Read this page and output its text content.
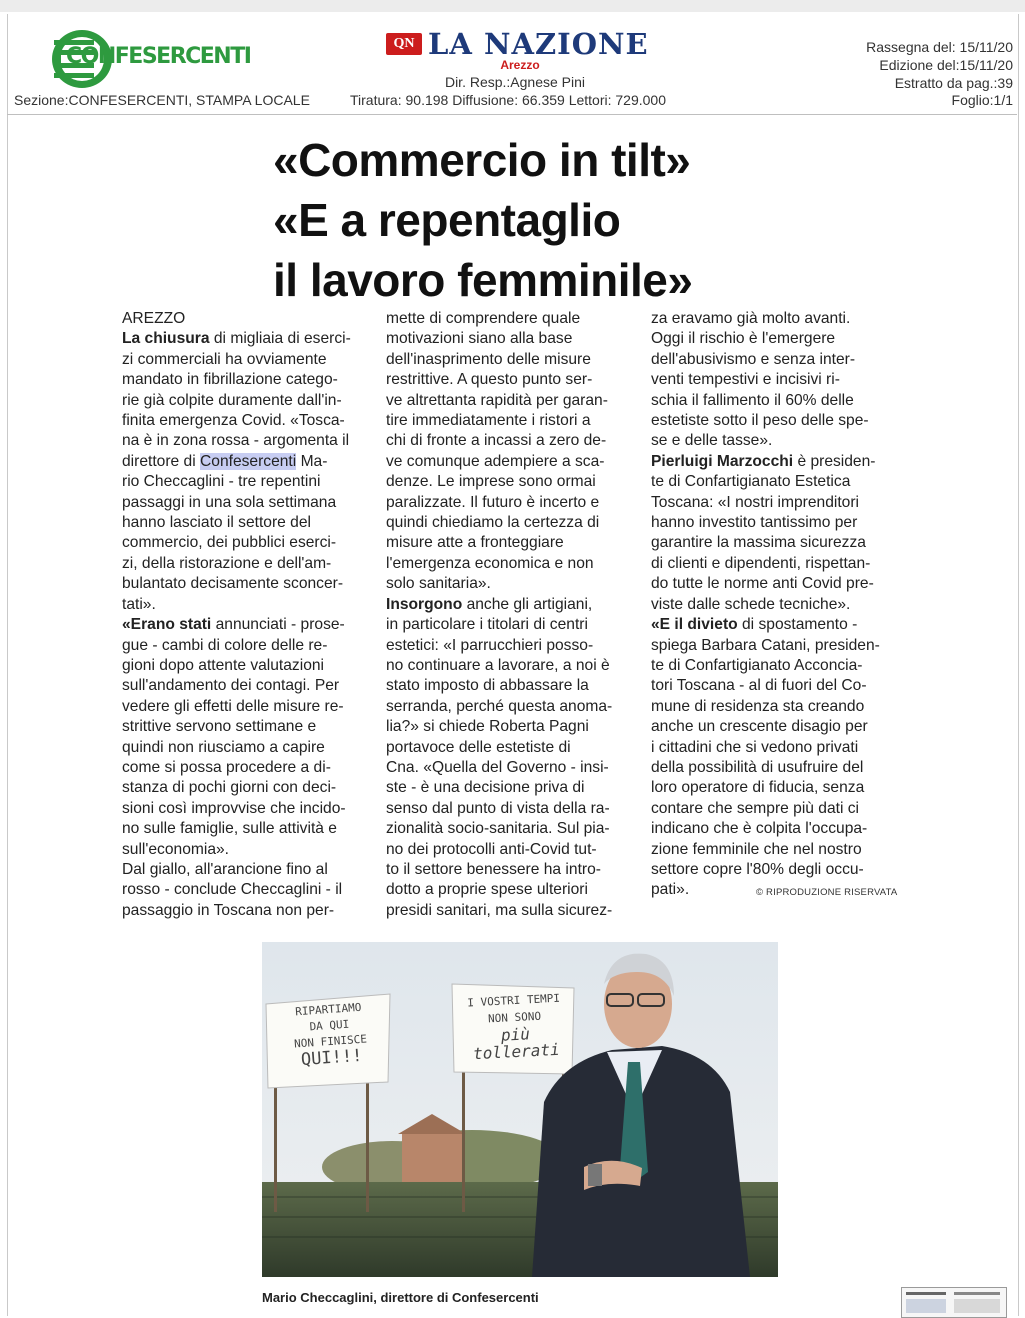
CONFESERCENTI
QN LA NAZIONE
Arezzo
Dir. Resp.:Agnese Pini
Rassegna del: 15/11/20
Edizione del:15/11/20
Estratto da pag.:39
Sezione:CONFESERCENTI, STAMPA LOCALE	Tiratura: 90.198 Diffusione: 66.359 Lettori: 729.000	Foglio:1/1
«Commercio in tilt»
«E a repentaglio
il lavoro femminile»
AREZZO
La chiusura di migliaia di eserci-
zi commerciali ha ovviamente
mandato in fibrillazione catego-
rie già colpite duramente dall'in-
finita emergenza Covid. «Tosca-
na è in zona rossa - argomenta il
direttore di Confesercenti Ma-
rio Checcaglini - tre repentini
passaggi in una sola settimana
hanno lasciato il settore del
commercio, dei pubblici eserci-
zi, della ristorazione e dell'am-
bulantato decisamente sconcer-
tati».
«Erano stati annunciati - prose-
gue - cambi di colore delle re-
gioni dopo attente valutazioni
sull'andamento dei contagi. Per
vedere gli effetti delle misure re-
strittive servono settimane e
quindi non riusciamo a capire
come si possa procedere a di-
stanza di pochi giorni con deci-
sioni così improvvise che incido-
no sulle famiglie, sulle attività e
sull'economia».
Dal giallo, all'arancione fino al
rosso - conclude Checcaglini - il
passaggio in Toscana non per-
mette di comprendere quale
motivazioni siano alla base
dell'inasprimento delle misure
restrittive. A questo punto ser-
ve altrettanta rapidità per garan-
tire immediatamente i ristori a
chi di fronte a incassi a zero de-
ve comunque adempiere a sca-
denze. Le imprese sono ormai
paralizzate. Il futuro è incerto e
quindi chiediamo la certezza di
misure atte a fronteggiare
l'emergenza economica e non
solo sanitaria».
Insorgono anche gli artigiani,
in particolare i titolari di centri
estetici: «I parrucchieri posso-
no continuare a lavorare, a noi è
stato imposto di abbassare la
serranda, perché questa anoma-
lia?» si chiede Roberta Pagni
portavoce delle estetiste di
Cna. «Quella del Governo - insi-
ste - è una decisione priva di
senso dal punto di vista della ra-
zionalità socio-sanitaria. Sul pia-
no dei protocolli anti-Covid tut-
to il settore benessere ha intro-
dotto a proprie spese ulteriori
presidi sanitari, ma sulla sicurez-
za eravamo già molto avanti.
Oggi il rischio è l'emergere
dell'abusivismo e senza inter-
venti tempestivi e incisivi ri-
schia il fallimento il 60% delle
estetiste sotto il peso delle spe-
se e delle tasse».
Pierluigi Marzocchi è presiden-
te di Confartigianato Estetica
Toscana: «I nostri imprenditori
hanno investito tantissimo per
garantire la massima sicurezza
di clienti e dipendenti, rispettan-
do tutte le norme anti Covid pre-
viste dalle schede tecniche».
«E il divieto di spostamento -
spiega Barbara Catani, presiden-
te di Confartigianato Acconcia-
tori Toscana - al di fuori del Co-
mune di residenza sta creando
anche un crescente disagio per
i cittadini che si vedono privati
della possibilità di usufruire del
loro operatore di fiducia, senza
contare che sempre più dati ci
indicano che è colpita l'occupa-
zione femminile che nel nostro
settore copre l'80% degli occu-
pati».	© RIPRODUZIONE RISERVATA
RIPARTIAMO
DA QUI
NON FINISCE
QUI!!!
I VOSTRI TEMPI
NON SONO
più tollerati
Mario Checcaglini, direttore di Confesercenti
